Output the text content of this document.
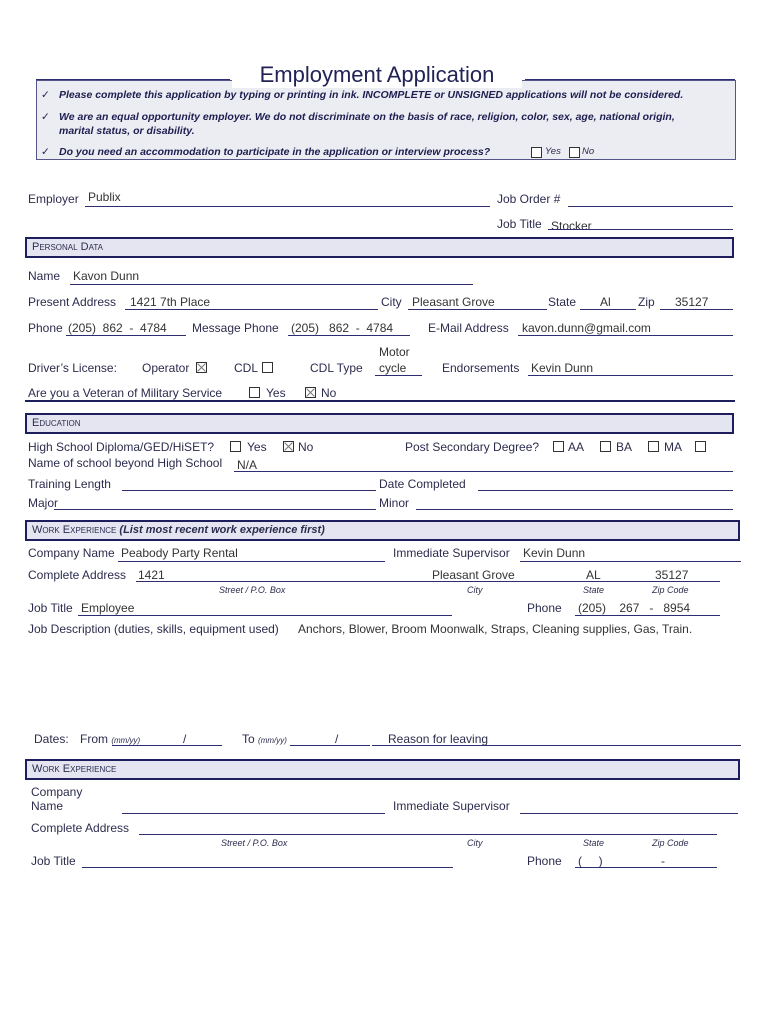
✓ Please complete this application by typing or printing in ink. INCOMPLETE or UNSIGNED applications will not be considered.
✓ We are an equal opportunity employer. We do not discriminate on the basis of race, religion, color, sex, age, national origin,
marital status, or disability.
✓ Do you need an accommodation to participate in the application or interview process?	Yes No
Employment Application
Employer Publix	Job Order #
Job Title Stocker
Personal Data
Name Kavon Dunn
Present Address 1421 7th Place	City Pleasant Grove	State Al Zip 35127
Phone (205)  862  -  4784 Message Phone (205)   862  -  4784	E-Mail Address kavon.dunn@gmail.com
Driver’s License: Operator	CDL	CDL Type
Motor
cycle	Endorsements Kevin Dunn
Are you a Veteran of Military Service	Yes	No
Education
High School Diploma/GED/HiSET?	Yes	No	Post Secondary Degree? AA	BA	MA
Name of school beyond High School N/A
Training Length	Date Completed
Major	Minor
Work Experience (List most recent work experience first)
Company Name Peabody Party Rental	Immediate Supervisor Kevin Dunn
Complete Address 1421	Pleasant Grove	AL	35127
Street / P.O. Box	City	State	Zip Code
Job Title Employee	Phone (205)    267   -   8954
Job Description (duties, skills, equipment used) Anchors, Blower, Broom Moonwalk, Straps, Cleaning supplies, Gas, Train.
Dates: From (mm/yy)	/	To (mm/yy)	/	Reason for leaving
Work Experience
Company
Name	Immediate Supervisor
Complete Address
Street / P.O. Box	City	State	Zip Code
Job Title	Phone (     )	-
